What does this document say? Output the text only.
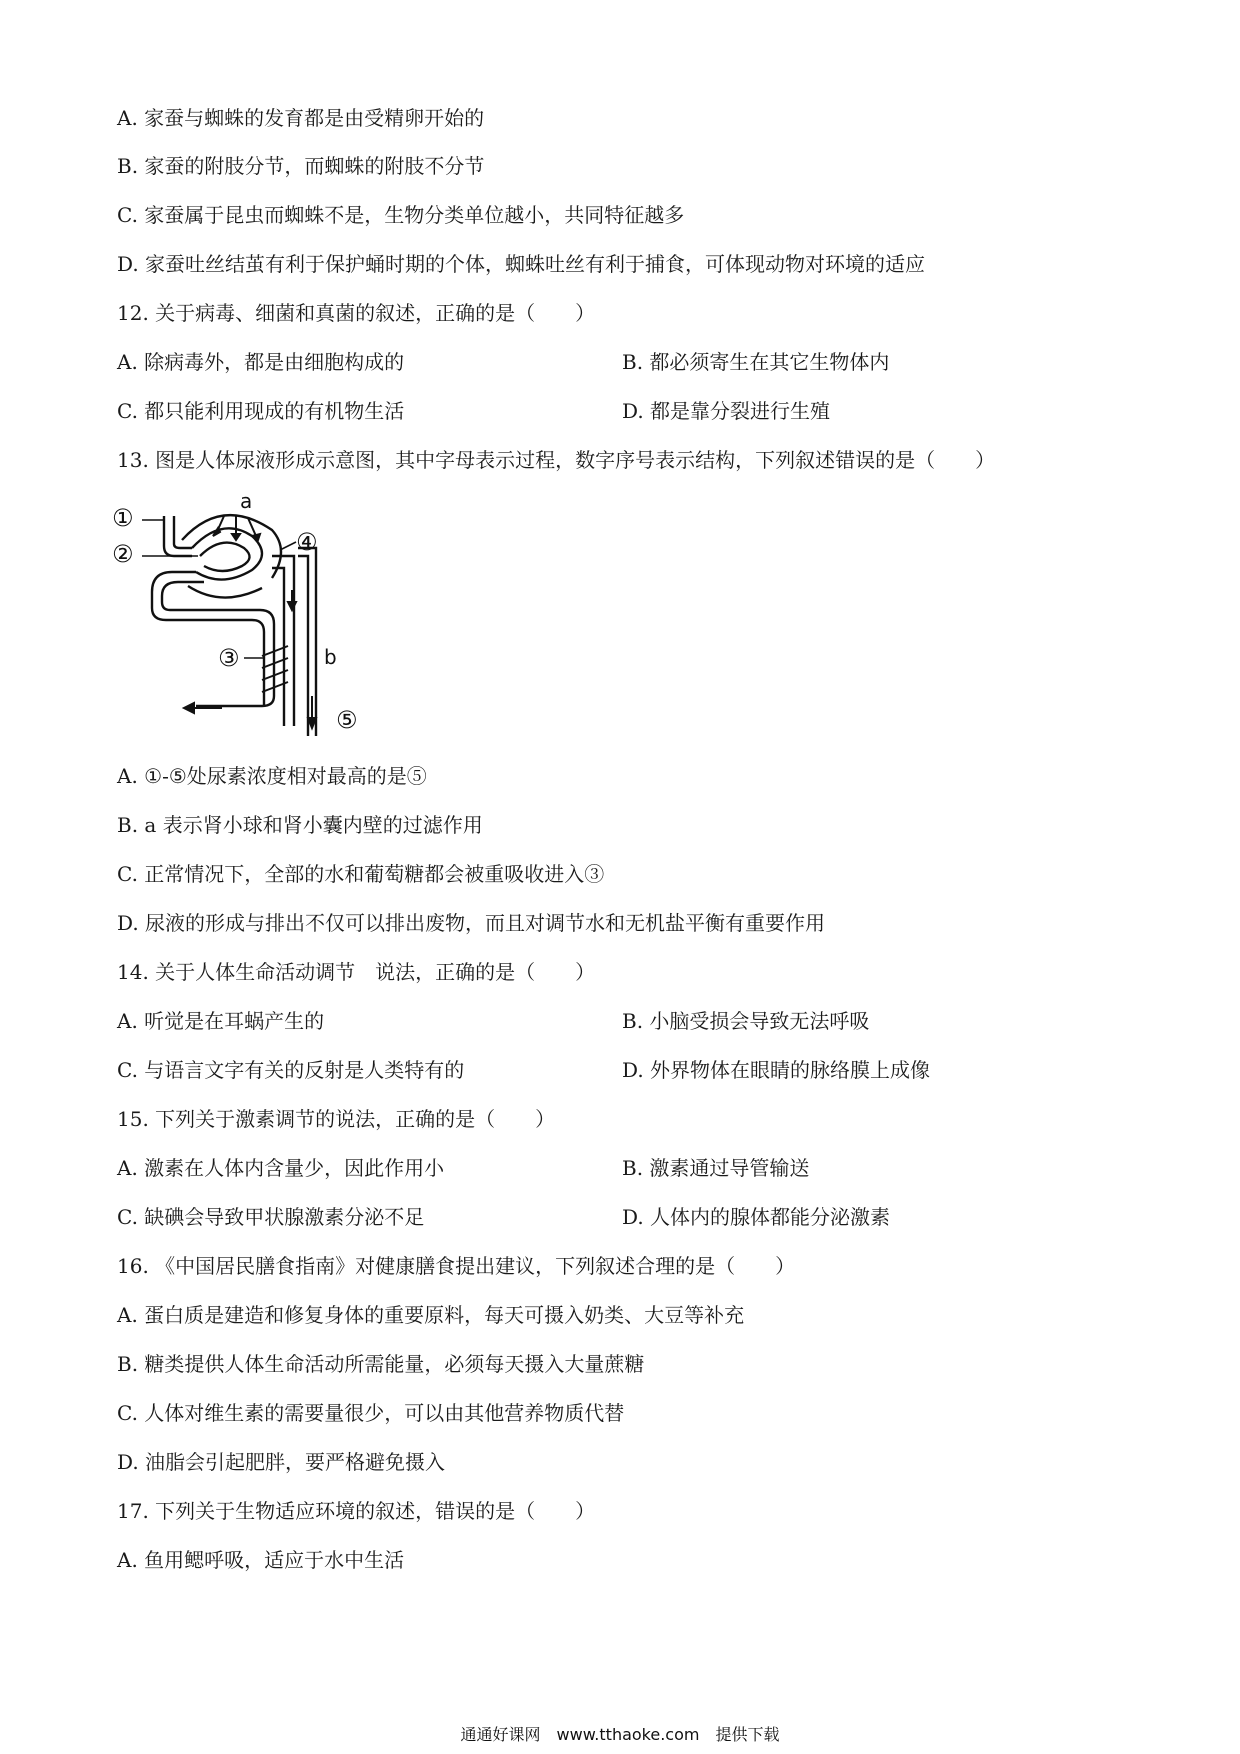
A. 家蚕与蜘蛛的发育都是由受精卵开始的
B. 家蚕的附肢分节，而蜘蛛的附肢不分节
C. 家蚕属于昆虫而蜘蛛不是，生物分类单位越小，共同特征越多
D. 家蚕吐丝结茧有利于保护蛹时期的个体，蜘蛛吐丝有利于捕食，可体现动物对环境的适应
12. 关于病毒、细菌和真菌的叙述，正确的是（　　）
A. 除病毒外，都是由细胞构成的	B. 都必须寄生在其它生物体内
C. 都只能利用现成的有机物生活	D. 都是靠分裂进行生殖
13. 图是人体尿液形成示意图，其中字母表示过程，数字序号表示结构，下列叙述错误的是（　　）
①
②
③
④
⑤
a
b
A. ①-⑤处尿素浓度相对最高的是⑤
B. a 表示肾小球和肾小囊内壁的过滤作用
C. 正常情况下，全部的水和葡萄糖都会被重吸收进入③
D. 尿液的形成与排出不仅可以排出废物，而且对调节水和无机盐平衡有重要作用
14. 关于人体生命活动调节　说法，正确的是（　　）
A. 听觉是在耳蜗产生的	B. 小脑受损会导致无法呼吸
C. 与语言文字有关的反射是人类特有的	D. 外界物体在眼睛的脉络膜上成像
15. 下列关于激素调节的说法，正确的是（　　）
A. 激素在人体内含量少，因此作用小	B. 激素通过导管输送
C. 缺碘会导致甲状腺激素分泌不足	D. 人体内的腺体都能分泌激素
16. 《中国居民膳食指南》对健康膳食提出建议，下列叙述合理的是（　　）
A. 蛋白质是建造和修复身体的重要原料，每天可摄入奶类、大豆等补充
B. 糖类提供人体生命活动所需能量，必须每天摄入大量蔗糖
C. 人体对维生素的需要量很少，可以由其他营养物质代替
D. 油脂会引起肥胖，要严格避免摄入
17. 下列关于生物适应环境的叙述，错误的是（　　）
A. 鱼用鳃呼吸，适应于水中生活
通通好课网　www.tthaoke.com　提供下载
